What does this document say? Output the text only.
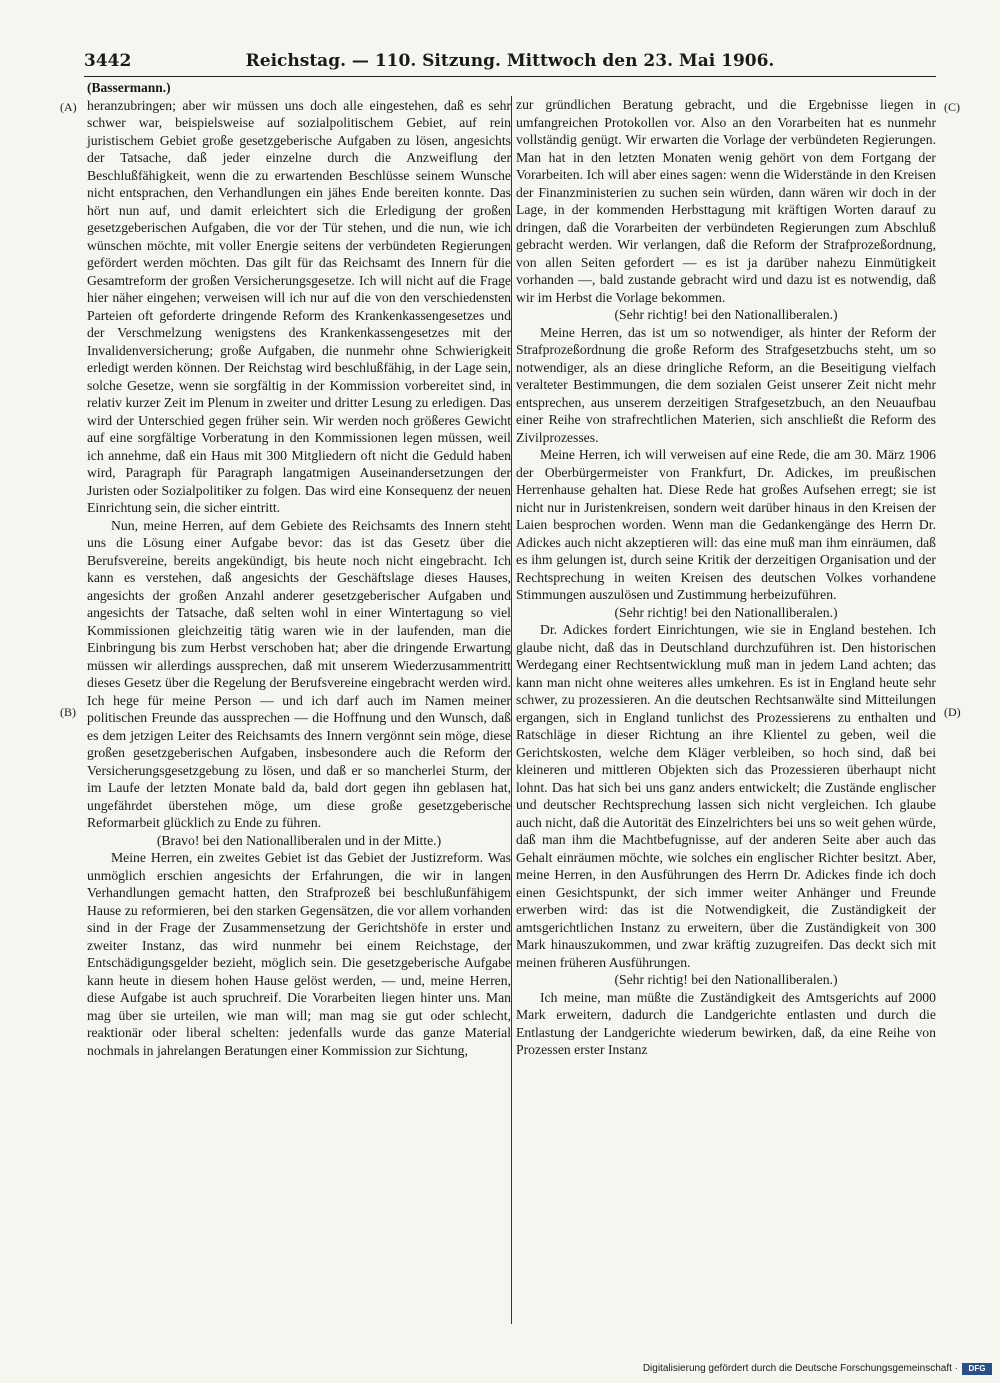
3442	Reichstag. — 110. Sitzung. Mittwoch den 23. Mai 1906.
(A)
(B)
(C)
(D)
(Bassermann.)

heranzubringen; aber wir müssen uns doch alle eingestehen, daß es sehr schwer war, beispielsweise auf sozialpolitischem Gebiet, auf rein juristischem Gebiet große gesetzgeberische Aufgaben zu lösen, angesichts der Tatsache, daß jeder einzelne durch die Anzweiflung der Beschlußfähigkeit, wenn die zu erwartenden Beschlüsse seinem Wunsche nicht entsprachen, den Verhandlungen ein jähes Ende bereiten konnte. Das hört nun auf, und damit erleichtert sich die Erledigung der großen gesetzgeberischen Aufgaben, die vor der Tür stehen, und die nun, wie ich wünschen möchte, mit voller Energie seitens der verbündeten Regierungen gefördert werden möchten. Das gilt für das Reichsamt des Innern für die Gesamtreform der großen Versicherungsgesetze. Ich will nicht auf die Frage hier näher eingehen; verweisen will ich nur auf die von den verschiedensten Parteien oft geforderte dringende Reform des Krankenkassengesetzes und der Verschmelzung wenigstens des Krankenkassengesetzes mit der Invalidenversicherung; große Aufgaben, die nunmehr ohne Schwierigkeit erledigt werden können. Der Reichstag wird beschlußfähig, in der Lage sein, solche Gesetze, wenn sie sorgfältig in der Kommission vorbereitet sind, in relativ kurzer Zeit im Plenum in zweiter und dritter Lesung zu erledigen. Das wird der Unterschied gegen früher sein. Wir werden noch größeres Gewicht auf eine sorgfältige Vorberatung in den Kommissionen legen müssen, weil ich annehme, daß ein Haus mit 300 Mitgliedern oft nicht die Geduld haben wird, Paragraph für Paragraph langatmigen Auseinandersetzungen der Juristen oder Sozialpolitiker zu folgen. Das wird eine Konsequenz der neuen Einrichtung sein, die sicher eintritt.

Nun, meine Herren, auf dem Gebiete des Reichsamts des Innern steht uns die Lösung einer Aufgabe bevor: das ist das Gesetz über die Berufsvereine, bereits angekündigt, bis heute noch nicht eingebracht. Ich kann es verstehen, daß angesichts der Geschäftslage dieses Hauses, angesichts der großen Anzahl anderer gesetzgeberischer Aufgaben und angesichts der Tatsache, daß selten wohl in einer Wintertagung so viel Kommissionen gleichzeitig tätig waren wie in der laufenden, man die Einbringung bis zum Herbst verschoben hat; aber die dringende Erwartung müssen wir allerdings aussprechen, daß mit unserem Wiederzusammentritt dieses Gesetz über die Regelung der Berufsvereine eingebracht werden wird. Ich hege für meine Person — und ich darf auch im Namen meiner politischen Freunde das aussprechen — die Hoffnung und den Wunsch, daß es dem jetzigen Leiter des Reichsamts des Innern vergönnt sein möge, diese großen gesetzgeberischen Aufgaben, insbesondere auch die Reform der Versicherungsgesetzgebung zu lösen, und daß er so mancherlei Sturm, der im Laufe der letzten Monate bald da, bald dort gegen ihn geblasen hat, ungefährdet überstehen möge, um diese große gesetzgeberische Reformarbeit glücklich zu Ende zu führen.

(Bravo! bei den Nationalliberalen und in der Mitte.)

Meine Herren, ein zweites Gebiet ist das Gebiet der Justizreform. Was unmöglich erschien angesichts der Erfahrungen, die wir in langen Verhandlungen gemacht hatten, den Strafprozeß bei beschlußunfähigem Hause zu reformieren, bei den starken Gegensätzen, die vor allem vorhanden sind in der Frage der Zusammensetzung der Gerichtshöfe in erster und zweiter Instanz, das wird nunmehr bei einem Reichstage, der Entschädigungsgelder bezieht, möglich sein. Die gesetzgeberische Aufgabe kann heute in diesem hohen Hause gelöst werden, — und, meine Herren, diese Aufgabe ist auch spruchreif. Die Vorarbeiten liegen hinter uns. Man mag über sie urteilen, wie man will; man mag sie gut oder schlecht, reaktionär oder liberal schelten: jedenfalls wurde das ganze Material nochmals in jahrelangen Beratungen einer Kommission zur Sichtung,

zur gründlichen Beratung gebracht, und die Ergebnisse liegen in umfangreichen Protokollen vor. Also an den Vorarbeiten hat es nunmehr vollständig genügt. Wir erwarten die Vorlage der verbündeten Regierungen. Man hat in den letzten Monaten wenig gehört von dem Fortgang der Vorarbeiten. Ich will aber eines sagen: wenn die Widerstände in den Kreisen der Finanzministerien zu suchen sein würden, dann wären wir doch in der Lage, in der kommenden Herbsttagung mit kräftigen Worten darauf zu dringen, daß die Vorarbeiten der verbündeten Regierungen zum Abschluß gebracht werden. Wir verlangen, daß die Reform der Strafprozeßordnung, von allen Seiten gefordert — es ist ja darüber nahezu Einmütigkeit vorhanden —, bald zustande gebracht wird und dazu ist es notwendig, daß wir im Herbst die Vorlage bekommen.

(Sehr richtig! bei den Nationalliberalen.)

Meine Herren, das ist um so notwendiger, als hinter der Reform der Strafprozeßordnung die große Reform des Strafgesetzbuchs steht, um so notwendiger, als an diese dringliche Reform, an die Beseitigung vielfach veralteter Bestimmungen, die dem sozialen Geist unserer Zeit nicht mehr entsprechen, aus unserem derzeitigen Strafgesetzbuch, an den Neuaufbau einer Reihe von strafrechtlichen Materien, sich anschließt die Reform des Zivilprozesses.

Meine Herren, ich will verweisen auf eine Rede, die am 30. März 1906 der Oberbürgermeister von Frankfurt, Dr. Adickes, im preußischen Herrenhause gehalten hat. Diese Rede hat großes Aufsehen erregt; sie ist nicht nur in Juristenkreisen, sondern weit darüber hinaus in den Kreisen der Laien besprochen worden. Wenn man die Gedankengänge des Herrn Dr. Adickes auch nicht akzeptieren will: das eine muß man ihm einräumen, daß es ihm gelungen ist, durch seine Kritik der derzeitigen Organisation und der Rechtsprechung in weiten Kreisen des deutschen Volkes vorhandene Stimmungen auszulösen und Zustimmung herbeizuführen.

(Sehr richtig! bei den Nationalliberalen.)

Dr. Adickes fordert Einrichtungen, wie sie in England bestehen. Ich glaube nicht, daß das in Deutschland durchzuführen ist. Den historischen Werdegang einer Rechtsentwicklung muß man in jedem Land achten; das kann man nicht ohne weiteres alles umkehren. Es ist in England heute sehr schwer, zu prozessieren. An die deutschen Rechtsanwälte sind Mitteilungen ergangen, sich in England tunlichst des Prozessierens zu enthalten und Ratschläge in dieser Richtung an ihre Klientel zu geben, weil die Gerichtskosten, welche dem Kläger verbleiben, so hoch sind, daß bei kleineren und mittleren Objekten sich das Prozessieren überhaupt nicht lohnt. Das hat sich bei uns ganz anders entwickelt; die Zustände englischer und deutscher Rechtsprechung lassen sich nicht vergleichen. Ich glaube auch nicht, daß die Autorität des Einzelrichters bei uns so weit gehen würde, daß man ihm die Machtbefugnisse, auf der anderen Seite aber auch das Gehalt einräumen möchte, wie solches ein englischer Richter besitzt. Aber, meine Herren, in den Ausführungen des Herrn Dr. Adickes finde ich doch einen Gesichtspunkt, der sich immer weiter Anhänger und Freunde erwerben wird: das ist die Notwendigkeit, die Zuständigkeit der amtsgerichtlichen Instanz zu erweitern, über die Zuständigkeit von 300 Mark hinauszukommen, und zwar kräftig zuzugreifen. Das deckt sich mit meinen früheren Ausführungen.

(Sehr richtig! bei den Nationalliberalen.)

Ich meine, man müßte die Zuständigkeit des Amtsgerichts auf 2000 Mark erweitern, dadurch die Landgerichte entlasten und durch die Entlastung der Landgerichte wiederum bewirken, daß, da eine Reihe von Prozessen erster Instanz

Digitalisierung gefördert durch die Deutsche Forschungsgemeinschaft ·	DFG
